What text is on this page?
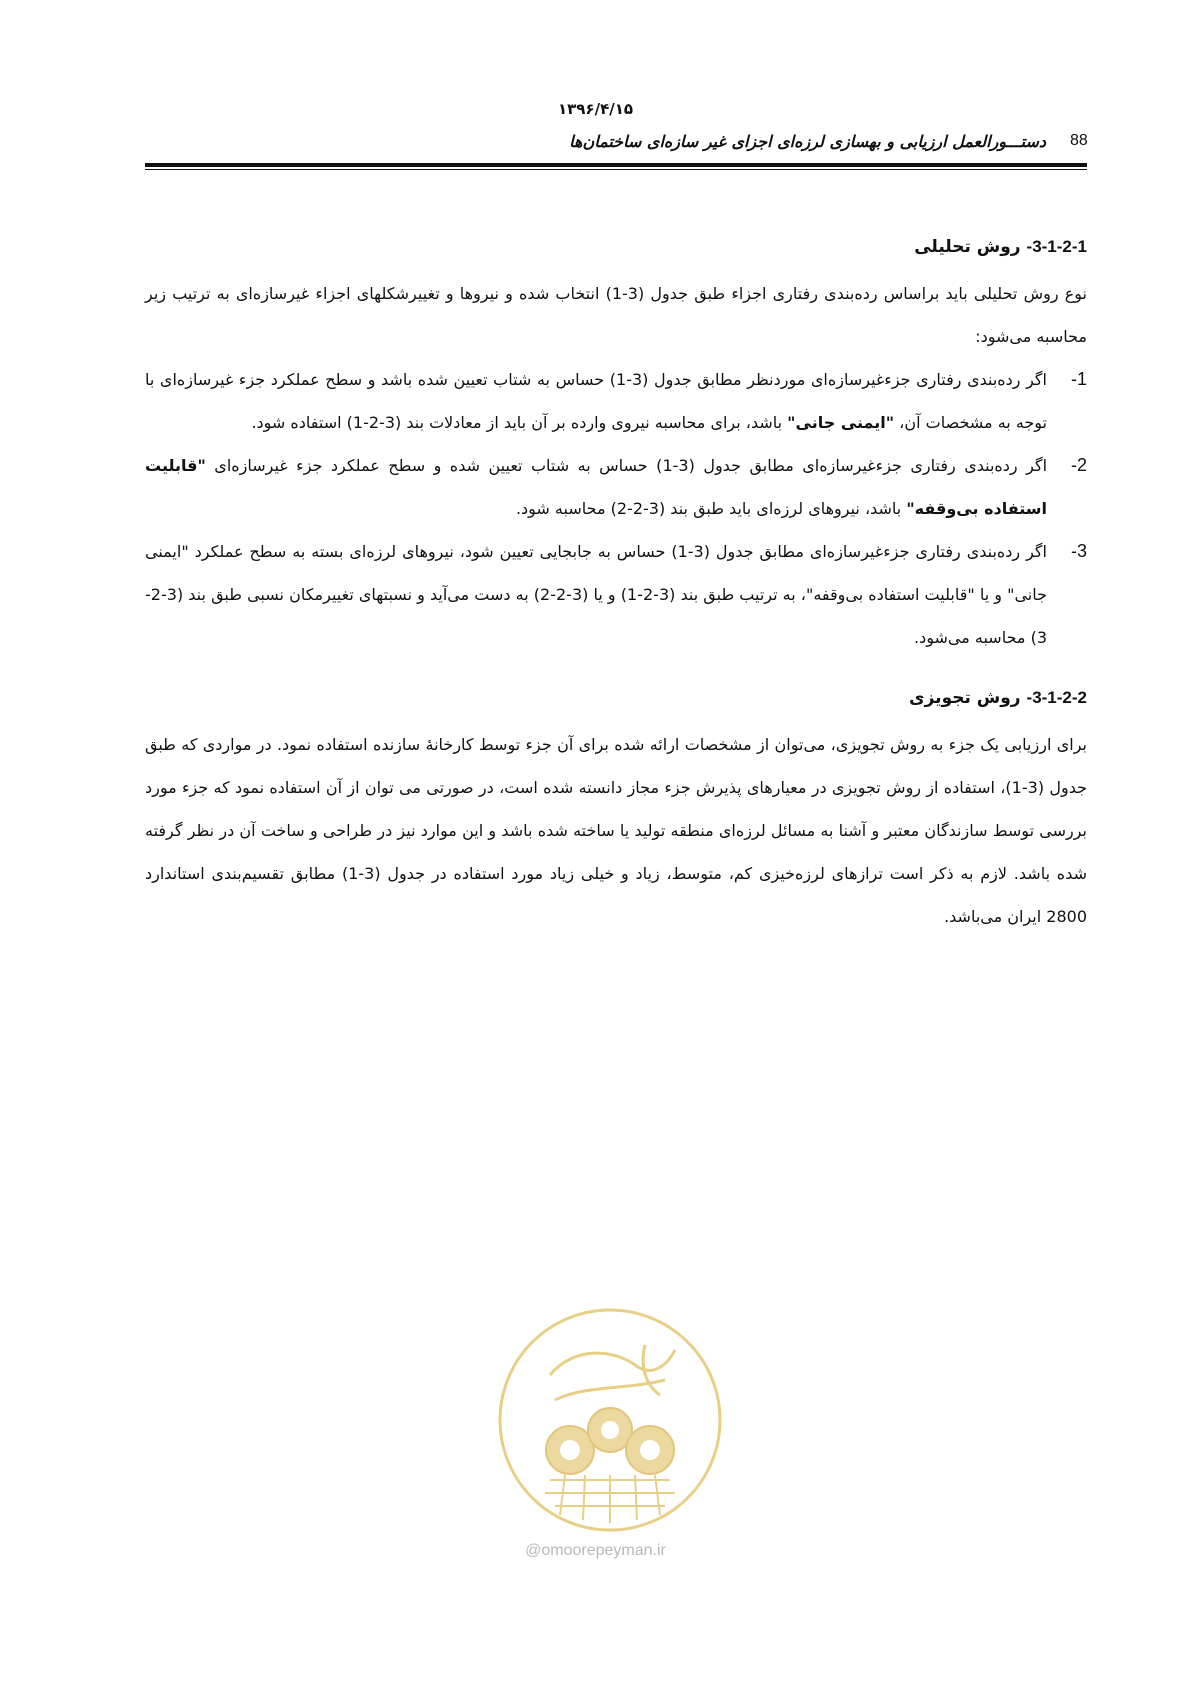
۱۳۹۶/۴/۱۵
دستـــورالعمل ارزیابی و بهسازی لرزه‌ای اجزای غیر سازه‌ای ساختمان‌ها 88
3-1-2-1- روش تحلیلی

نوع روش تحلیلی باید براساس رده‌بندی رفتاری اجزاء طبق جدول (3-1) انتخاب شده و نیروها و تغییرشکلهای اجزاء غیرسازه‌ای به ترتیب زیر محاسبه می‌شود:

1-
اگر رده‌بندی رفتاری جزءغیرسازه‌ای موردنظر مطابق جدول (3-1) حساس به شتاب تعیین شده باشد و سطح عملکرد جزء غیرسازه‌ای با توجه به مشخصات آن، "ایمنی جانی" باشد، برای محاسبه نیروی وارده بر آن باید از معادلات بند (3-2-1) استفاده شود.
2-
اگر رده‌بندی رفتاری جزءغیرسازه‌ای مطابق جدول (3-1) حساس به شتاب تعیین شده و سطح عملکرد جزء غیرسازه‌ای "قابلیت استفاده بی‌وقفه" باشد، نیروهای لرزه‌ای باید طبق بند (3-2-2) محاسبه شود.
3-
اگر رده‌بندی رفتاری جزءغیرسازه‌ای مطابق جدول (3-1) حساس به جابجایی تعیین شود، نیروهای لرزه‌ای بسته به سطح عملکرد "ایمنی جانی" و یا "قابلیت استفاده بی‌وقفه"، به ترتیب طبق بند (3-2-1) و یا (3-2-2) به دست می‌آید و نسبتهای تغییرمکان نسبی طبق بند (3-2-3) محاسبه می‌شود.
3-1-2-2- روش تجویزی

برای ارزیابی یک جزء به روش تجویزی، می‌توان از مشخصات ارائه شده برای آن جزء توسط کارخانهٔ سازنده استفاده نمود. در مواردی که طبق جدول (3-1)، استفاده از روش تجویزی در معیارهای پذیرش جزء مجاز دانسته شده است، در صورتی می توان از آن استفاده نمود که جزء مورد بررسی توسط سازندگان معتبر و آشنا به مسائل لرزه‌ای منطقه تولید یا ساخته شده باشد و این موارد نیز در طراحی و ساخت آن در نظر گرفته شده باشد. لازم به ذکر است ترازهای لرزه‌خیزی کم، متوسط، زیاد و خیلی زیاد مورد استفاده در جدول (3-1) مطابق تقسیم‌بندی استاندارد 2800 ایران می‌باشد.

@omoorepeyman.ir
